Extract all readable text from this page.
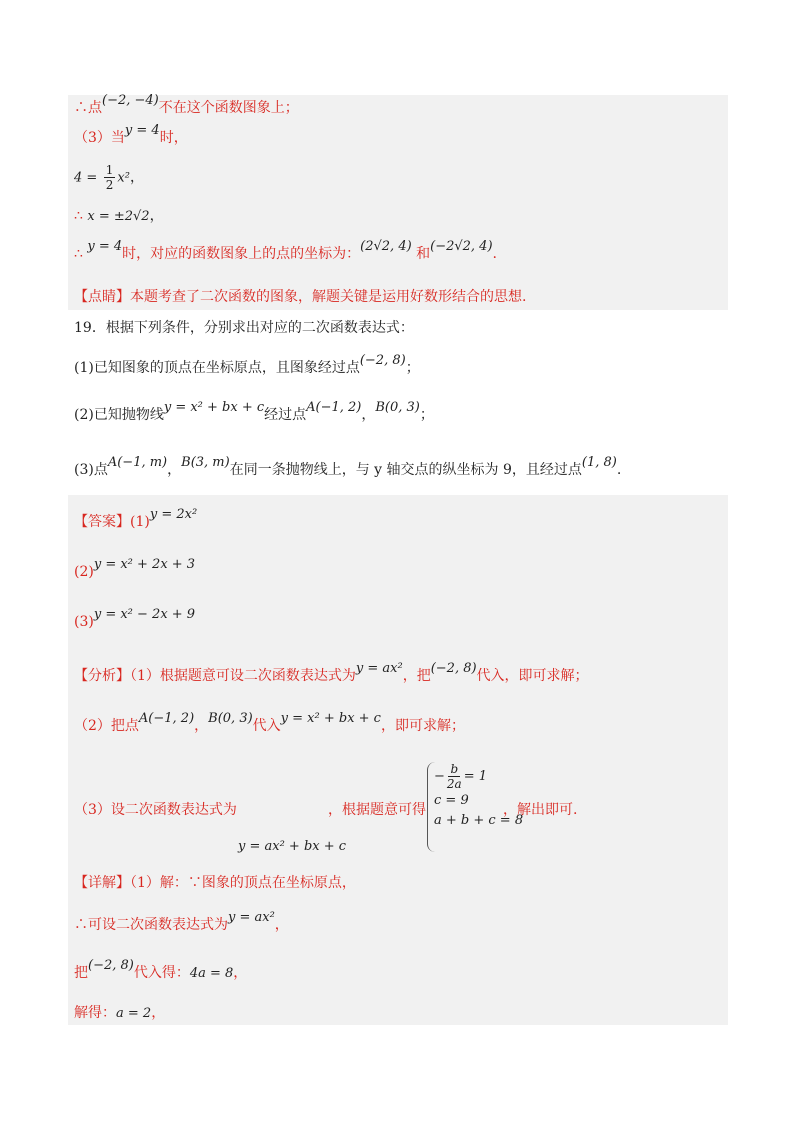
∴点(−2, −4)不在这个函数图象上；
（3）当y = 4时，
$4 = \frac{1}{2} x^2$，
∴ x = ±2√2，
∴ y = 4时，对应的函数图象上的点的坐标为：(2√2, 4) 和(−2√2, 4).
【点睛】本题考查了二次函数的图象，解题关键是运用好数形结合的思想.
19．根据下列条件，分别求出对应的二次函数表达式：
(1)已知图象的顶点在坐标原点，且图象经过点(−2, 8)；
(2)已知抛物线y = x² + bx + c经过点A(−1, 2)，B(0, 3)；
(3)点A(−1, m)，B(3, m)在同一条抛物线上，与 y 轴交点的纵坐标为 9，且经过点(1, 8).
【答案】(1)y = 2x²
(2)y = x² + 2x + 3
(3)y = x² − 2x + 9
【分析】（1）根据题意可设二次函数表达式为y = ax²，把(−2, 8)代入，即可求解；
（2）把点A(−1, 2)，B(0, 3)代入y = x² + bx + c，即可求解；
（3）设二次函数表达式为	，根据题意可得	，解出即可.
y = ax² + bx + c
− $\frac{b}{2a} = 1$
c = 9
a + b + c = 8
【详解】（1）解：∵图象的顶点在坐标原点，
∴可设二次函数表达式为y = ax²，
把(−2, 8)代入得：4a = 8，
解得：a = 2，
